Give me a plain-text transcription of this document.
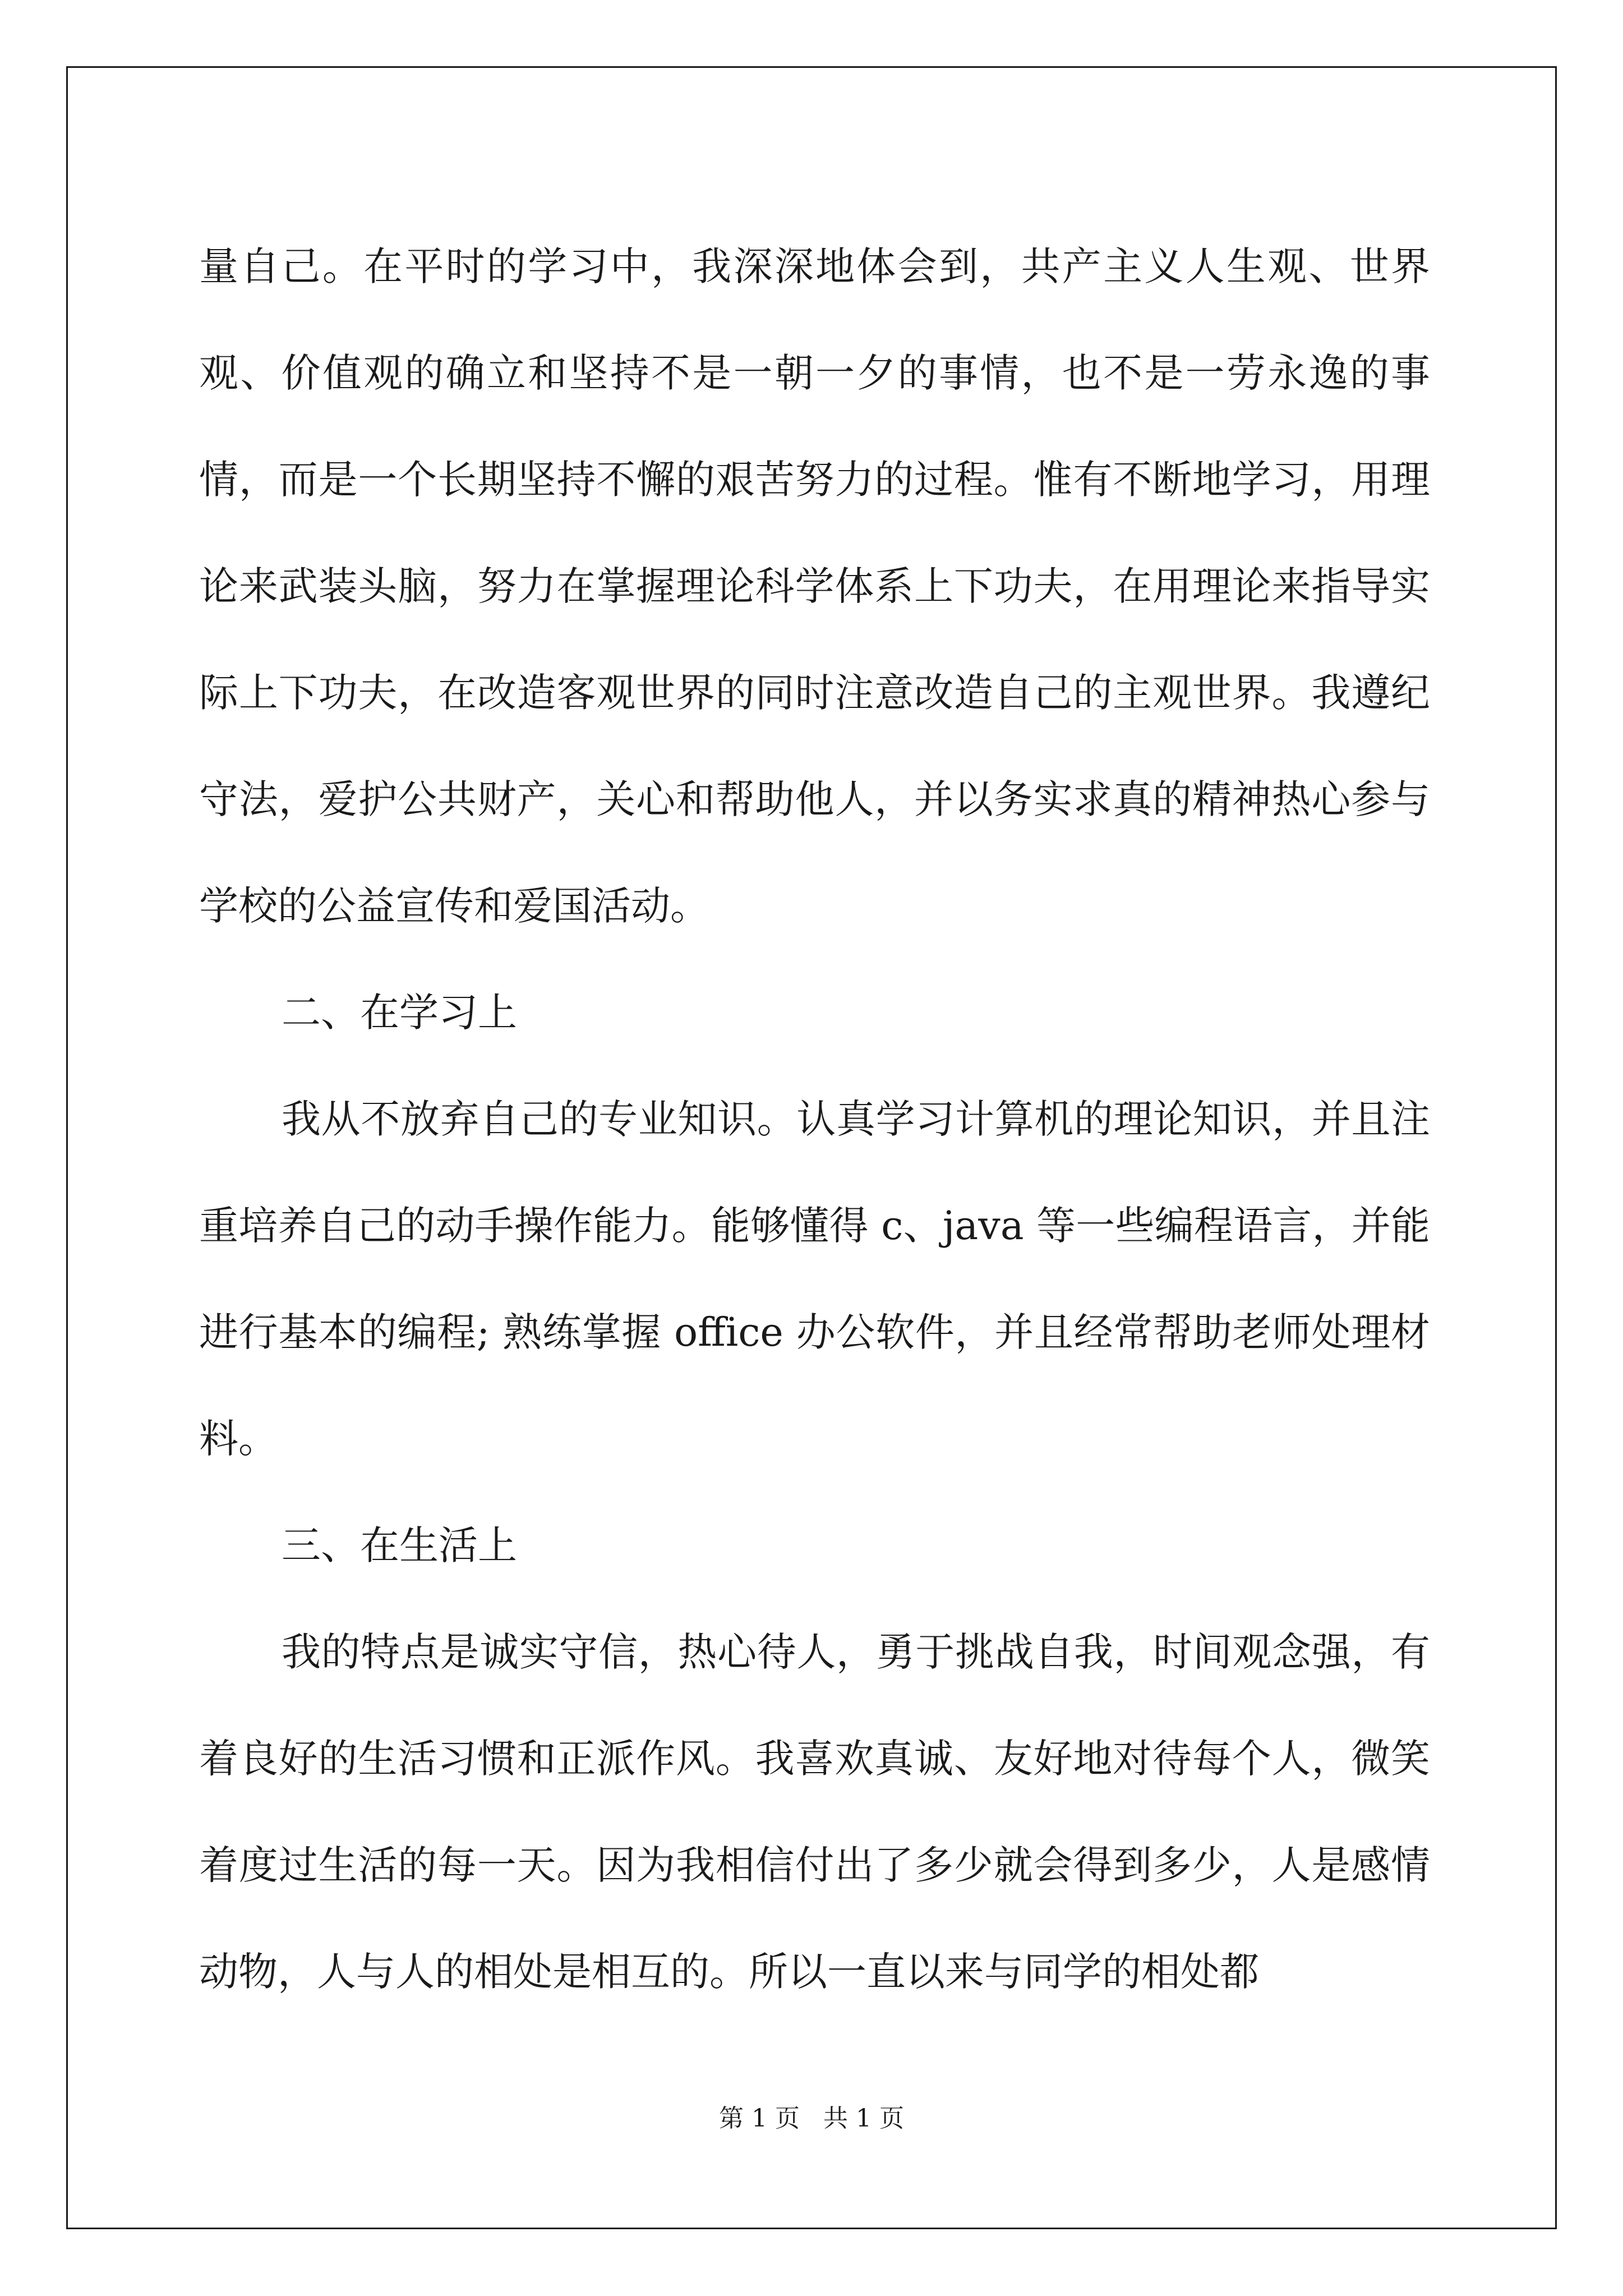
量自己。在平时的学习中，我深深地体会到，共产主义人生观、世界观、价值观的确立和坚持不是一朝一夕的事情，也不是一劳永逸的事情，而是一个长期坚持不懈的艰苦努力的过程。惟有不断地学习，用理论来武装头脑，努力在掌握理论科学体系上下功夫，在用理论来指导实际上下功夫，在改造客观世界的同时注意改造自己的主观世界。我遵纪守法，爱护公共财产，关心和帮助他人，并以务实求真的精神热心参与学校的公益宣传和爱国活动。

二、在学习上

我从不放弃自己的专业知识。认真学习计算机的理论知识，并且注重培养自己的动手操作能力。能够懂得 c、java 等一些编程语言，并能进行基本的编程; 熟练掌握 office 办公软件，并且经常帮助老师处理材料。

三、在生活上

我的特点是诚实守信，热心待人，勇于挑战自我，时间观念强，有着良好的生活习惯和正派作风。我喜欢真诚、友好地对待每个人，微笑着度过生活的每一天。因为我相信付出了多少就会得到多少，人是感情动物，人与人的相处是相互的。所以一直以来与同学的相处都

第 1 页   共 1 页
